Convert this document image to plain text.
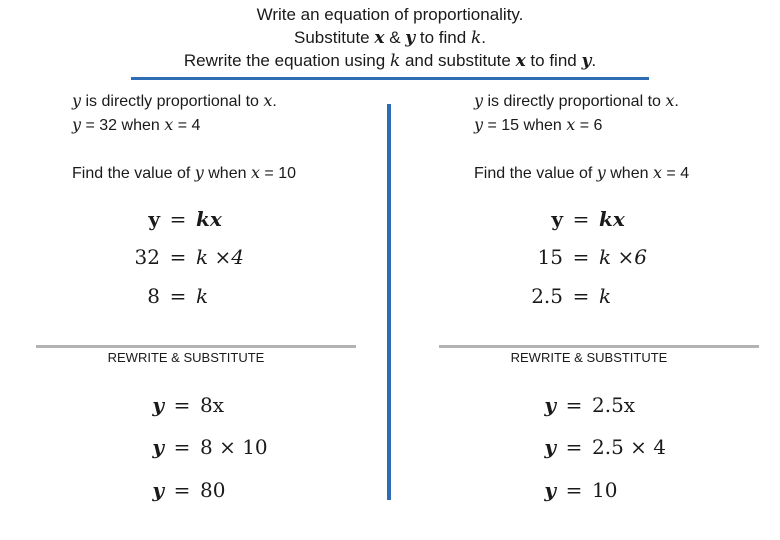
Write an equation of proportionality.
Substitute x & y to find k.
Rewrite the equation using k and substitute x to find y.
y is directly proportional to x.
y = 32 when x = 4
Find the value of y when x = 10
y = kx
32 = k ×4
8 = k
REWRITE & SUBSTITUTE
y = 8x
y = 8 × 10
y = 80
y is directly proportional to x.
y = 15 when x = 6
Find the value of y when x = 4
y = kx
15 = k ×6
2.5 = k
REWRITE & SUBSTITUTE
y = 2.5x
y = 2.5 × 4
y = 10
